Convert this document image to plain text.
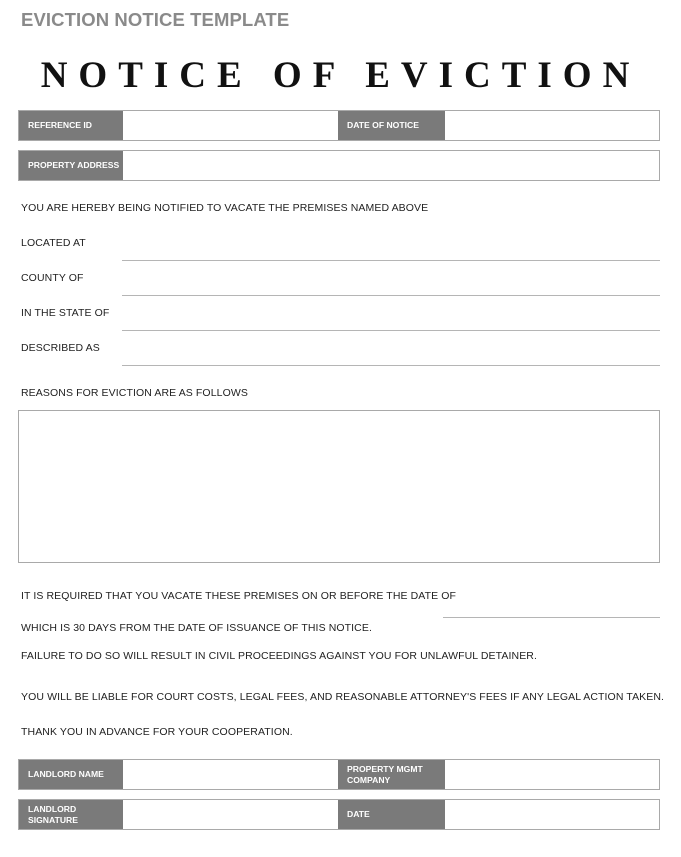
EVICTION NOTICE TEMPLATE
NOTICE OF EVICTION
REFERENCE ID	DATE OF NOTICE
PROPERTY ADDRESS
YOU ARE HEREBY BEING NOTIFIED TO VACATE THE PREMISES NAMED ABOVE
LOCATED AT
COUNTY OF
IN THE STATE OF
DESCRIBED AS
REASONS FOR EVICTION ARE AS FOLLOWS
IT IS REQUIRED THAT YOU VACATE THESE PREMISES ON OR BEFORE THE DATE OF
WHICH IS 30 DAYS FROM THE DATE OF ISSUANCE OF THIS NOTICE.
FAILURE TO DO SO WILL RESULT IN CIVIL PROCEEDINGS AGAINST YOU FOR UNLAWFUL DETAINER.
YOU WILL BE LIABLE FOR COURT COSTS, LEGAL FEES, AND REASONABLE ATTORNEY'S FEES IF ANY LEGAL ACTION TAKEN.
THANK YOU IN ADVANCE FOR YOUR COOPERATION.
LANDLORD NAME
PROPERTY MGMT
COMPANY
LANDLORD
SIGNATURE
DATE
